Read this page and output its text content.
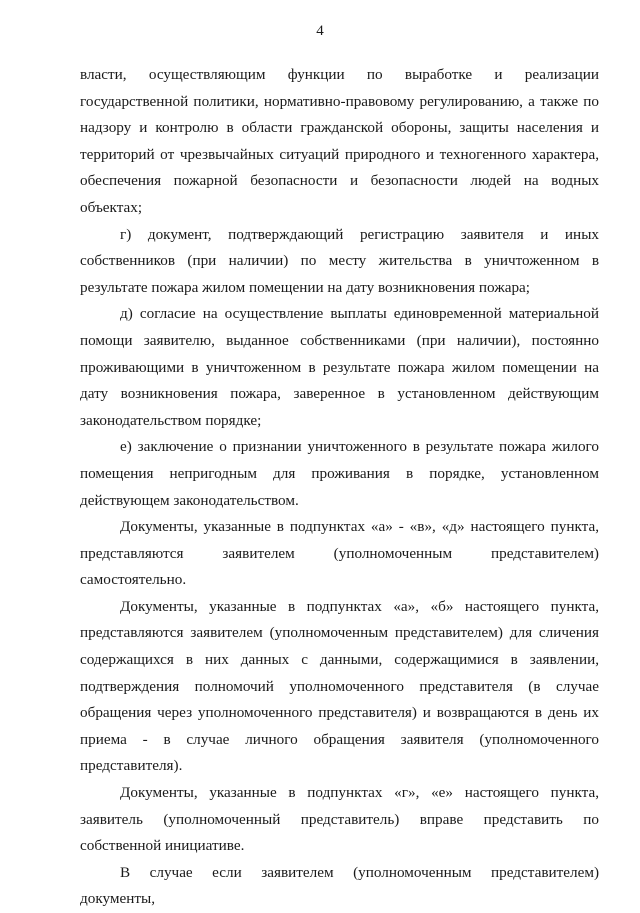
4

власти, осуществляющим функции по выработке и реализации государственной политики, нормативно-правовому регулированию, а также по надзору и контролю в области гражданской обороны, защиты населения и территорий от чрезвычайных ситуаций природного и техногенного характера, обеспечения пожарной безопасности и безопасности людей на водных объектах;

г) документ, подтверждающий регистрацию заявителя и иных собственников (при наличии) по месту жительства в уничтоженном в результате пожара жилом помещении на дату возникновения пожара;

д) согласие на осуществление выплаты единовременной материальной помощи заявителю, выданное собственниками (при наличии), постоянно проживающими в уничтоженном в результате пожара жилом помещении на дату возникновения пожара, заверенное в установленном действующим законодательством порядке;

е) заключение о признании уничтоженного в результате пожара жилого помещения непригодным для проживания в порядке, установленном действующем законодательством.

Документы, указанные в подпунктах «а» - «в», «д» настоящего пункта, представляются заявителем (уполномоченным представителем) самостоятельно.

Документы, указанные в подпунктах «а», «б» настоящего пункта, представляются заявителем (уполномоченным представителем) для сличения содержащихся в них данных с данными, содержащимися в заявлении, подтверждения полномочий уполномоченного представителя (в случае обращения через уполномоченного представителя) и возвращаются в день их приема - в случае личного обращения заявителя (уполномоченного представителя).

Документы, указанные в подпунктах «г», «е» настоящего пункта, заявитель (уполномоченный представитель) вправе представить по собственной инициативе.

В случае если заявителем (уполномоченным представителем) документы,
